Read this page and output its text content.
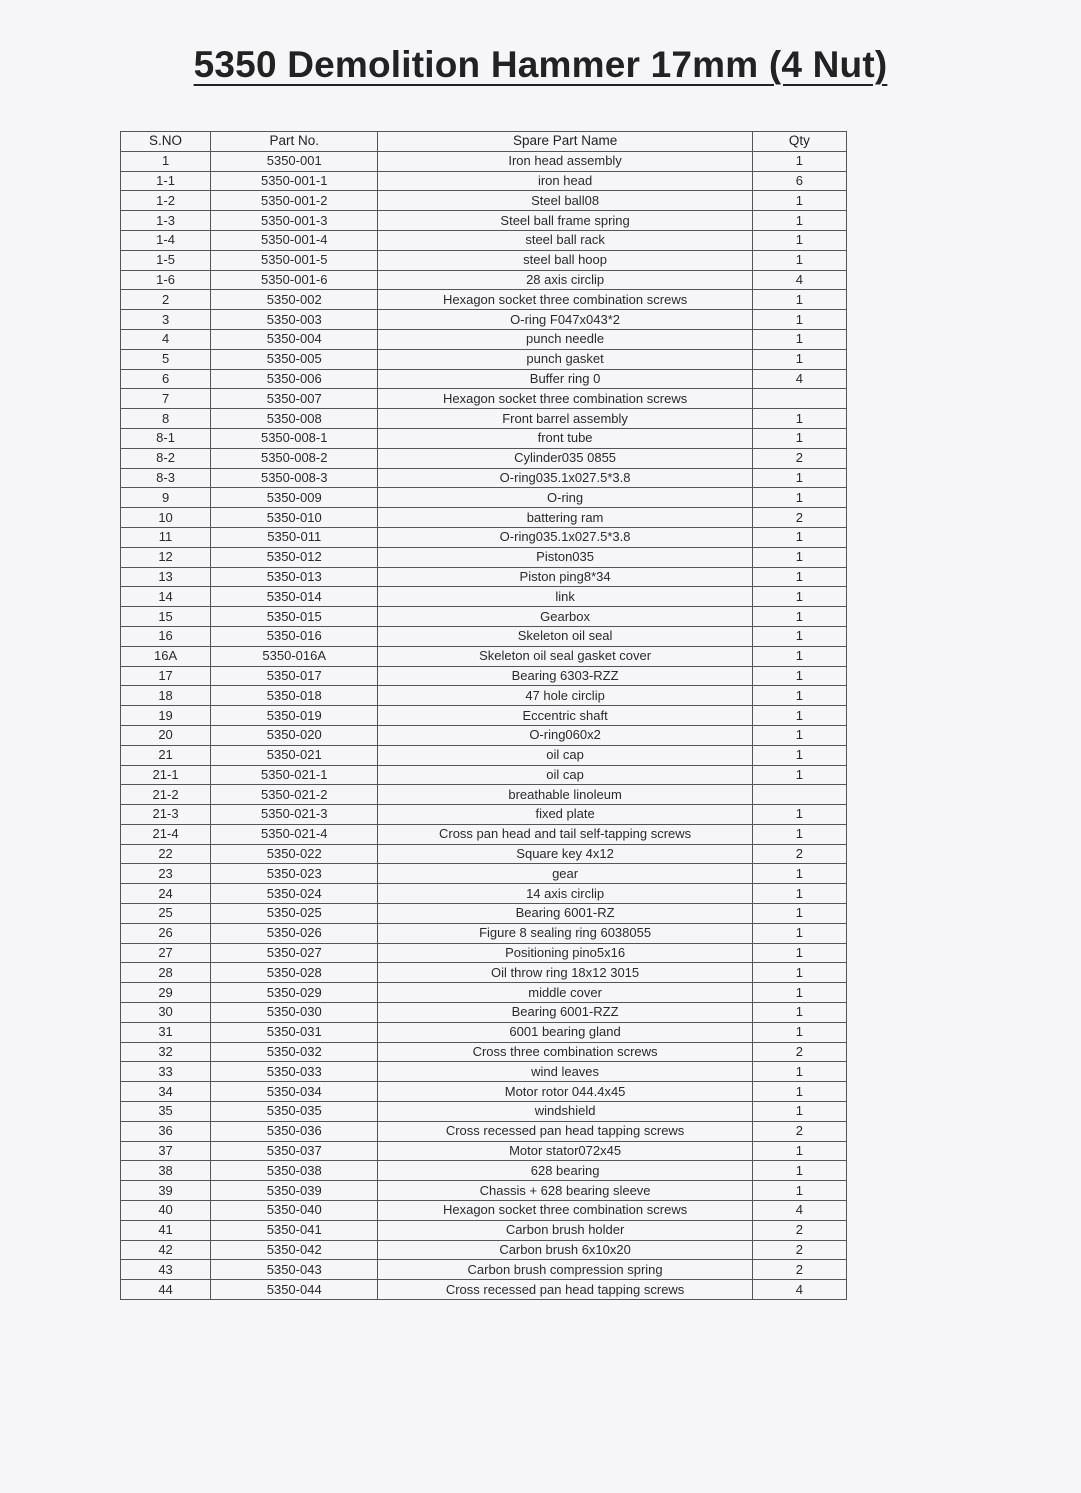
5350 Demolition Hammer 17mm (4 Nut)
S.NO	Part No.	Spare Part Name	Qty
1	5350-001	Iron head assembly	1
1-1	5350-001-1	iron head	6
1-2	5350-001-2	Steel ball08	1
1-3	5350-001-3	Steel ball frame spring	1
1-4	5350-001-4	steel ball rack	1
1-5	5350-001-5	steel ball hoop	1
1-6	5350-001-6	28 axis circlip	4
2	5350-002	Hexagon socket three combination screws	1
3	5350-003	O-ring F047x043*2	1
4	5350-004	punch needle	1
5	5350-005	punch gasket	1
6	5350-006	Buffer ring 0	4
7	5350-007	Hexagon socket three combination screws	
8	5350-008	Front barrel assembly	1
8-1	5350-008-1	front tube	1
8-2	5350-008-2	Cylinder035 0855	2
8-3	5350-008-3	O-ring035.1x027.5*3.8	1
9	5350-009	O-ring	1
10	5350-010	battering ram	2
11	5350-011	O-ring035.1x027.5*3.8	1
12	5350-012	Piston035	1
13	5350-013	Piston ping8*34	1
14	5350-014	link	1
15	5350-015	Gearbox	1
16	5350-016	Skeleton oil seal	1
16A	5350-016A	Skeleton oil seal gasket cover	1
17	5350-017	Bearing 6303-RZZ	1
18	5350-018	47 hole circlip	1
19	5350-019	Eccentric shaft	1
20	5350-020	O-ring060x2	1
21	5350-021	oil cap	1
21-1	5350-021-1	oil cap	1
21-2	5350-021-2	breathable linoleum	
21-3	5350-021-3	fixed plate	1
21-4	5350-021-4	Cross pan head and tail self-tapping screws	1
22	5350-022	Square key 4x12	2
23	5350-023	gear	1
24	5350-024	14 axis circlip	1
25	5350-025	Bearing 6001-RZ	1
26	5350-026	Figure 8 sealing ring 6038055	1
27	5350-027	Positioning pino5x16	1
28	5350-028	Oil throw ring 18x12 3015	1
29	5350-029	middle cover	1
30	5350-030	Bearing 6001-RZZ	1
31	5350-031	6001 bearing gland	1
32	5350-032	Cross three combination screws	2
33	5350-033	wind leaves	1
34	5350-034	Motor rotor 044.4x45	1
35	5350-035	windshield	1
36	5350-036	Cross recessed pan head tapping screws	2
37	5350-037	Motor stator072x45	1
38	5350-038	628 bearing	1
39	5350-039	Chassis + 628 bearing sleeve	1
40	5350-040	Hexagon socket three combination screws	4
41	5350-041	Carbon brush holder	2
42	5350-042	Carbon brush 6x10x20	2
43	5350-043	Carbon brush compression spring	2
44	5350-044	Cross recessed pan head tapping screws	4
